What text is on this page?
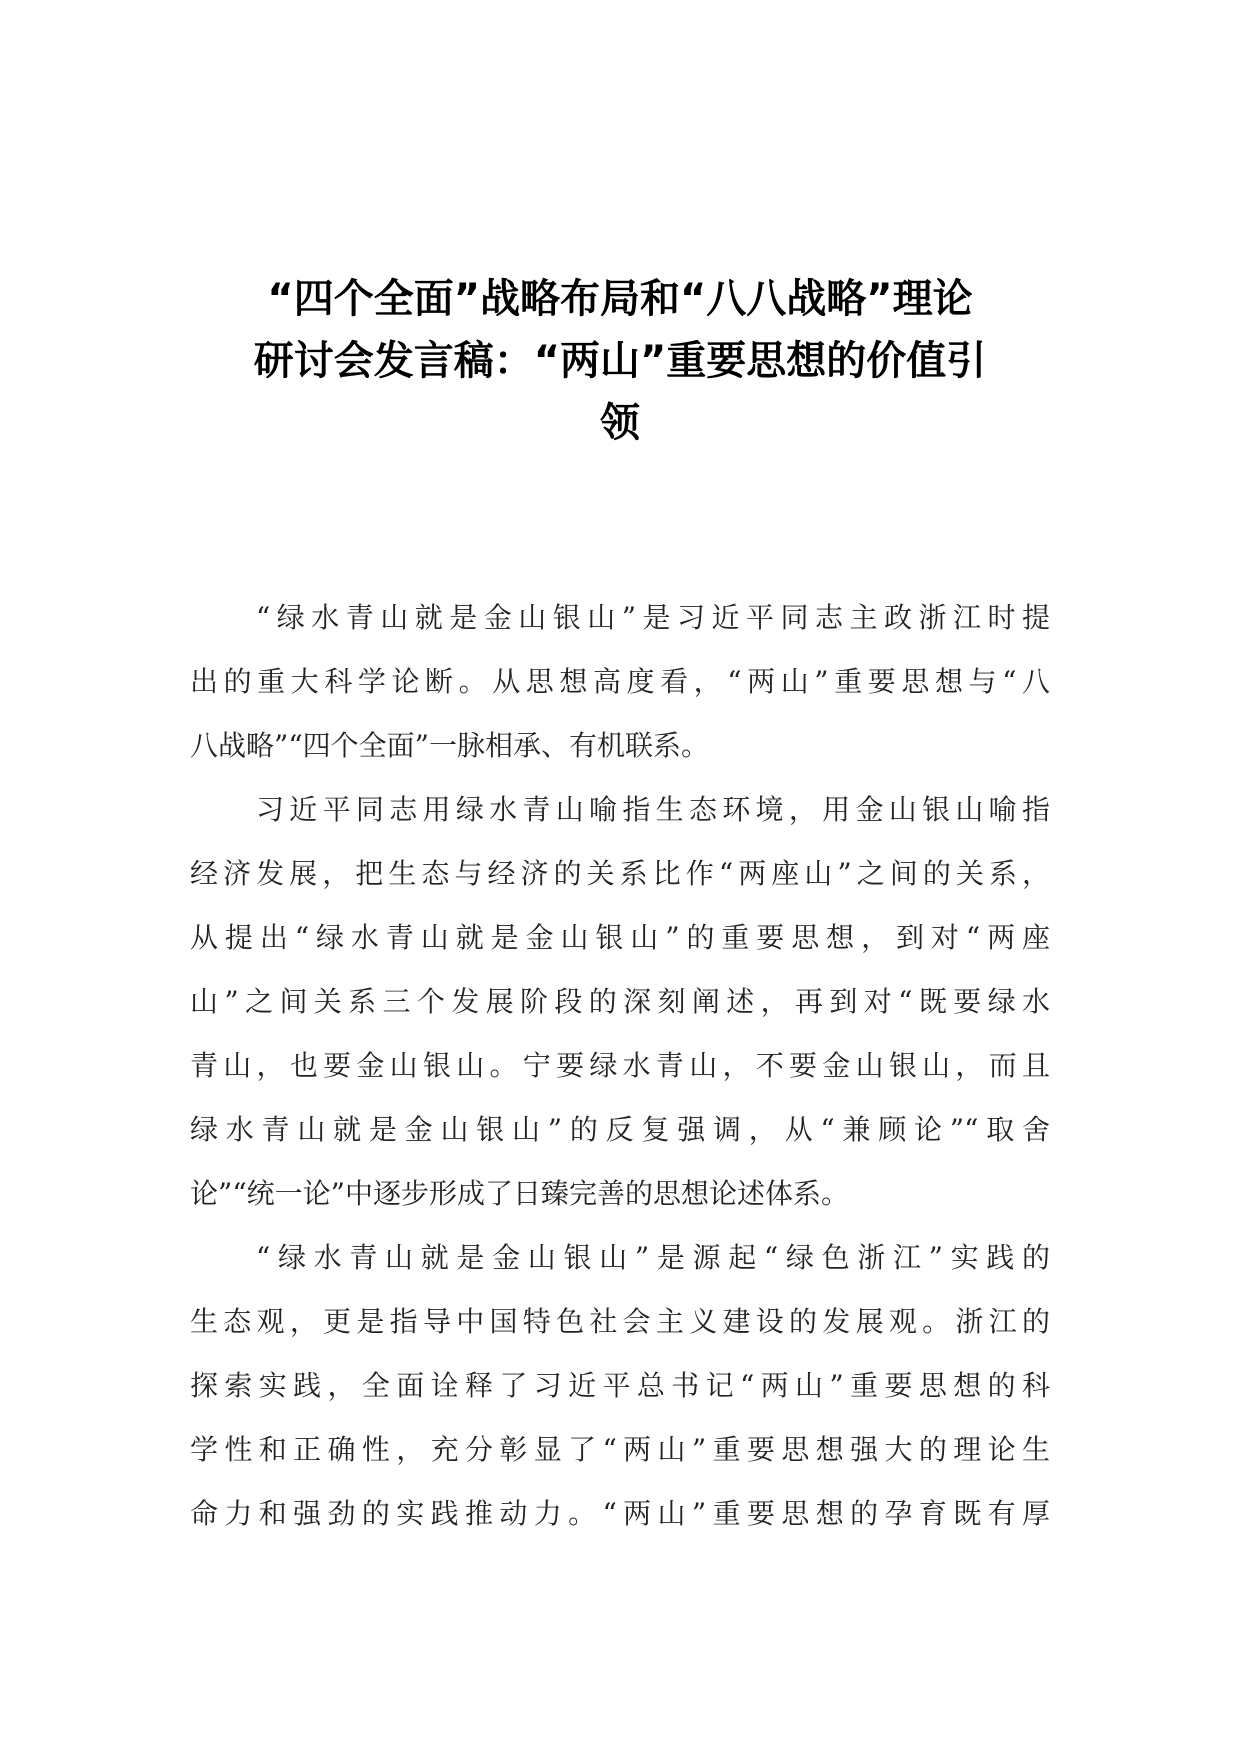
“四个全面”战略布局和“八八战略”理论
研讨会发言稿：“两山”重要思想的价值引
领
“绿水青山就是金山银山”是习近平同志主政浙江时提
出的重大科学论断。从思想高度看，“两山”重要思想与“八
八战略”“四个全面”一脉相承、有机联系。
习近平同志用绿水青山喻指生态环境，用金山银山喻指
经济发展，把生态与经济的关系比作“两座山”之间的关系，
从提出“绿水青山就是金山银山”的重要思想，到对“两座
山”之间关系三个发展阶段的深刻阐述，再到对“既要绿水
青山，也要金山银山。宁要绿水青山，不要金山银山，而且
绿水青山就是金山银山”的反复强调，从“兼顾论”“取舍
论”“统一论”中逐步形成了日臻完善的思想论述体系。
“绿水青山就是金山银山”是源起“绿色浙江”实践的
生态观，更是指导中国特色社会主义建设的发展观。浙江的
探索实践，全面诠释了习近平总书记“两山”重要思想的科
学性和正确性，充分彰显了“两山”重要思想强大的理论生
命力和强劲的实践推动力。“两山”重要思想的孕育既有厚
